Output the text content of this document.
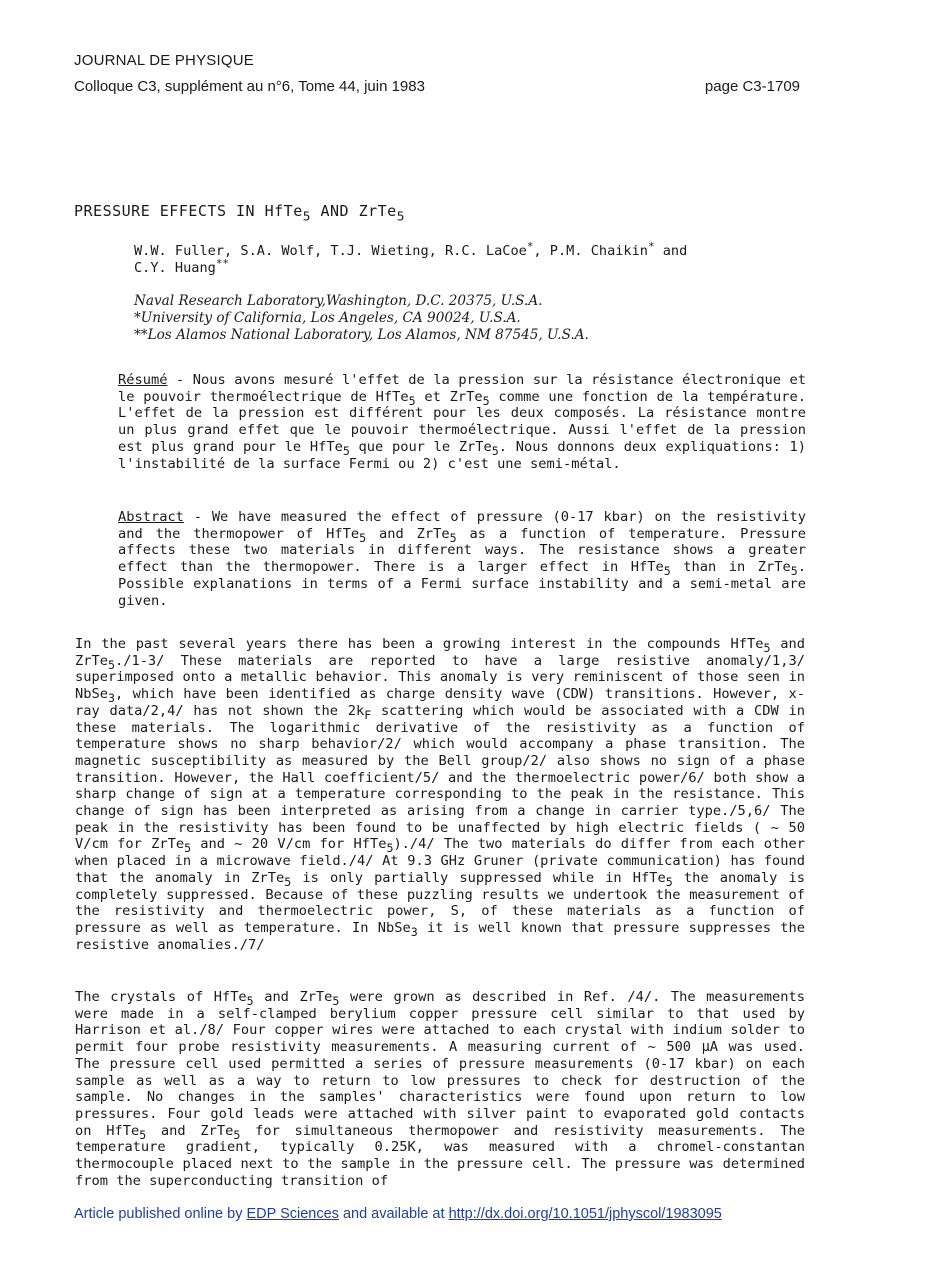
JOURNAL DE PHYSIQUE
Colloque C3, supplément au n°6, Tome 44, juin 1983	page C3-1709
PRESSURE EFFECTS IN HfTe$_5$ AND ZrTe$_5$
W.W. Fuller, S.A. Wolf, T.J. Wieting, R.C. LaCoe*, P.M. Chaikin* and
C.Y. Huang**
Naval Research Laboratory,Washington, D.C. 20375, U.S.A.
*University of California, Los Angeles, CA 90024, U.S.A.
**Los Alamos National Laboratory, Los Alamos, NM 87545, U.S.A.

Résumé - Nous avons mesuré l'effet de la pression sur la résistance électronique et le pouvoir thermoélectrique de HfTe$_5$ et ZrTe$_5$ comme une fonction de la température. L'effet de la pression est différent pour les deux composés. La résistance montre un plus grand effet que le pouvoir thermoélectrique. Aussi l'effet de la pression est plus grand pour le HfTe$_5$ que pour le ZrTe$_5$. Nous donnons deux expliquations: 1) l'instabilité de la surface Fermi ou 2) c'est une semi-métal.

Abstract - We have measured the effect of pressure (0-17 kbar) on the resistivity and the thermopower of HfTe$_5$ and ZrTe$_5$ as a function of temperature. Pressure affects these two materials in different ways. The resistance shows a greater effect than the thermopower. There is a larger effect in HfTe$_5$ than in ZrTe$_5$. Possible explanations in terms of a Fermi surface instability and a semi-metal are given.

In the past several years there has been a growing interest in the compounds HfTe$_5$ and ZrTe$_5$./1-3/ These materials are reported to have a large resistive anomaly/1,3/ superimposed onto a metallic behavior. This anomaly is very reminiscent of those seen in NbSe$_3$, which have been identified as charge density wave (CDW) transitions. However, x-ray data/2,4/ has not shown the $2k_F$ scattering which would be associated with a CDW in these materials. The logarithmic derivative of the resistivity as a function of temperature shows no sharp behavior/2/ which would accompany a phase transition. The magnetic susceptibility as measured by the Bell group/2/ also shows no sign of a phase transition. However, the Hall coefficient/5/ and the thermoelectric power/6/ both show a sharp change of sign at a temperature corresponding to the peak in the resistance. This change of sign has been interpreted as arising from a change in carrier type./5,6/ The peak in the resistivity has been found to be unaffected by high electric fields ( ~ 50 V/cm for ZrTe$_5$ and ~ 20 V/cm for HfTe$_5$)./4/ The two materials do differ from each other when placed in a microwave field./4/ At 9.3 GHz Gruner (private communication) has found that the anomaly in ZrTe$_5$ is only partially suppressed while in HfTe$_5$ the anomaly is completely suppressed. Because of these puzzling results we undertook the measurement of the resistivity and thermoelectric power, S, of these materials as a function of pressure as well as temperature. In NbSe$_3$ it is well known that pressure suppresses the resistive anomalies./7/

The crystals of HfTe$_5$ and ZrTe$_5$ were grown as described in Ref. /4/. The measurements were made in a self-clamped berylium copper pressure cell similar to that used by Harrison et al./8/ Four copper wires were attached to each crystal with indium solder to permit four probe resistivity measurements. A measuring current of ~ 500 μA was used. The pressure cell used permitted a series of pressure measurements (0-17 kbar) on each sample as well as a way to return to low pressures to check for destruction of the sample. No changes in the samples' characteristics were found upon return to low pressures. Four gold leads were attached with silver paint to evaporated gold contacts on HfTe$_5$ and ZrTe$_5$ for simultaneous thermopower and resistivity measurements. The temperature gradient, typically 0.25K, was measured with a chromel-constantan thermocouple placed next to the sample in the pressure cell. The pressure was determined from the superconducting transition of

Article published online by EDP Sciences and available at http://dx.doi.org/10.1051/jphyscol/1983095
